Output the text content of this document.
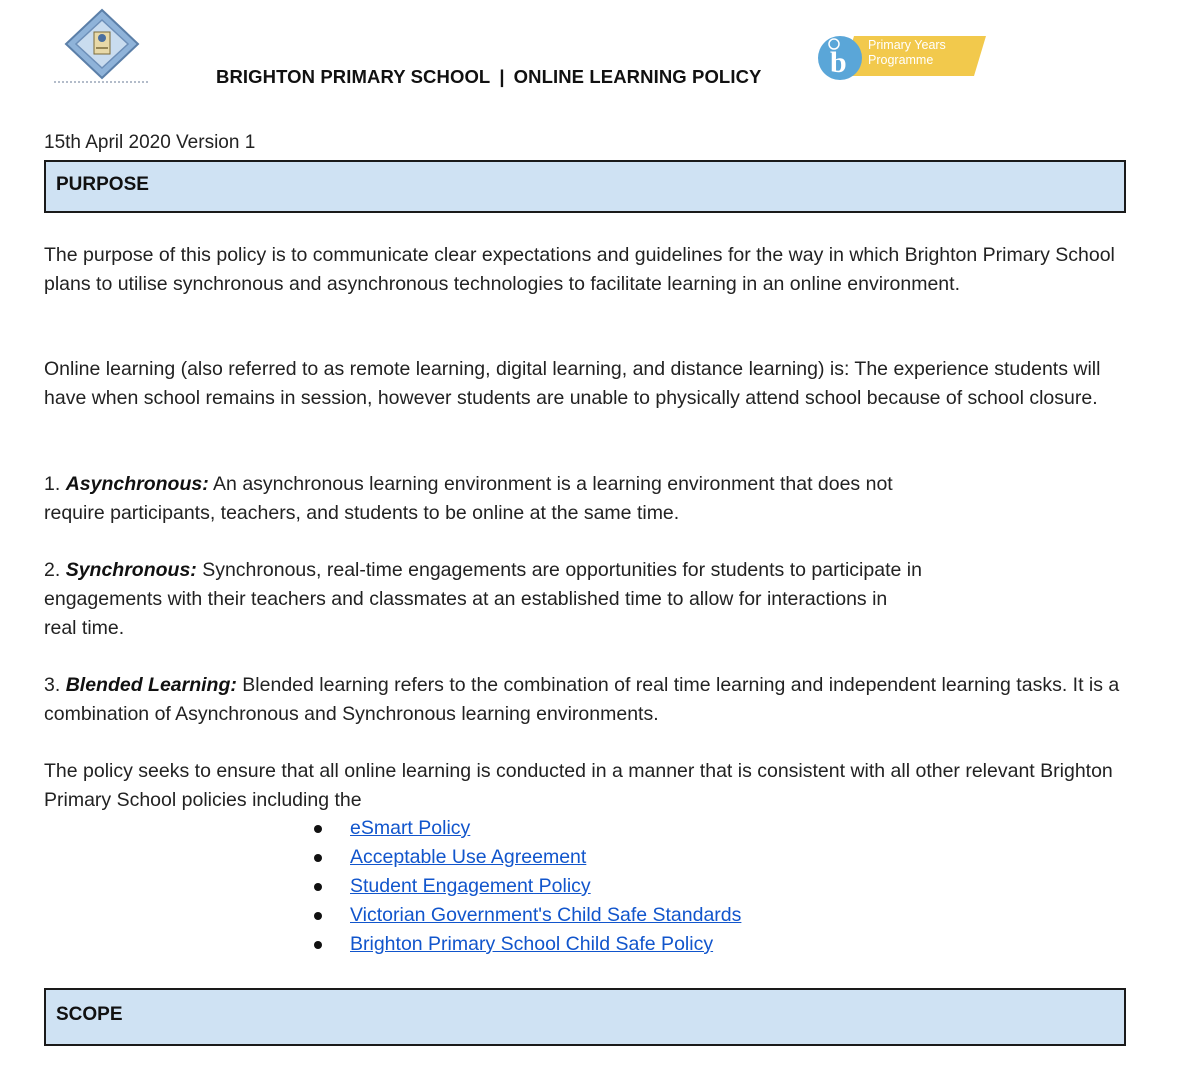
BRIGHTON PRIMARY SCHOOL | ONLINE LEARNING POLICY b
Primary Years
Programme
15th April 2020 Version 1
PURPOSE
The purpose of this policy is to communicate clear expectations and guidelines for the way in which Brighton Primary School plans to utilise synchronous and asynchronous technologies to facilitate learning in an online environment.
Online learning (also referred to as remote learning, digital learning, and distance learning) is: The experience students will have when school remains in session, however students are unable to physically attend school because of school closure.
1. Asynchronous: An asynchronous learning environment is a learning environment that does not require participants, teachers, and students to be online at the same time.
2. Synchronous: Synchronous, real-time engagements are opportunities for students to participate in engagements with their teachers and classmates at an established time to allow for interactions in real time.
3. Blended Learning: Blended learning refers to the combination of real time learning and independent learning tasks. It is a combination of Asynchronous and Synchronous learning environments.
The policy seeks to ensure that all online learning is conducted in a manner that is consistent with all other relevant Brighton Primary School policies including the
eSmart Policy
Acceptable Use Agreement
Student Engagement Policy
Victorian Government's Child Safe Standards
Brighton Primary School Child Safe Policy
SCOPE
